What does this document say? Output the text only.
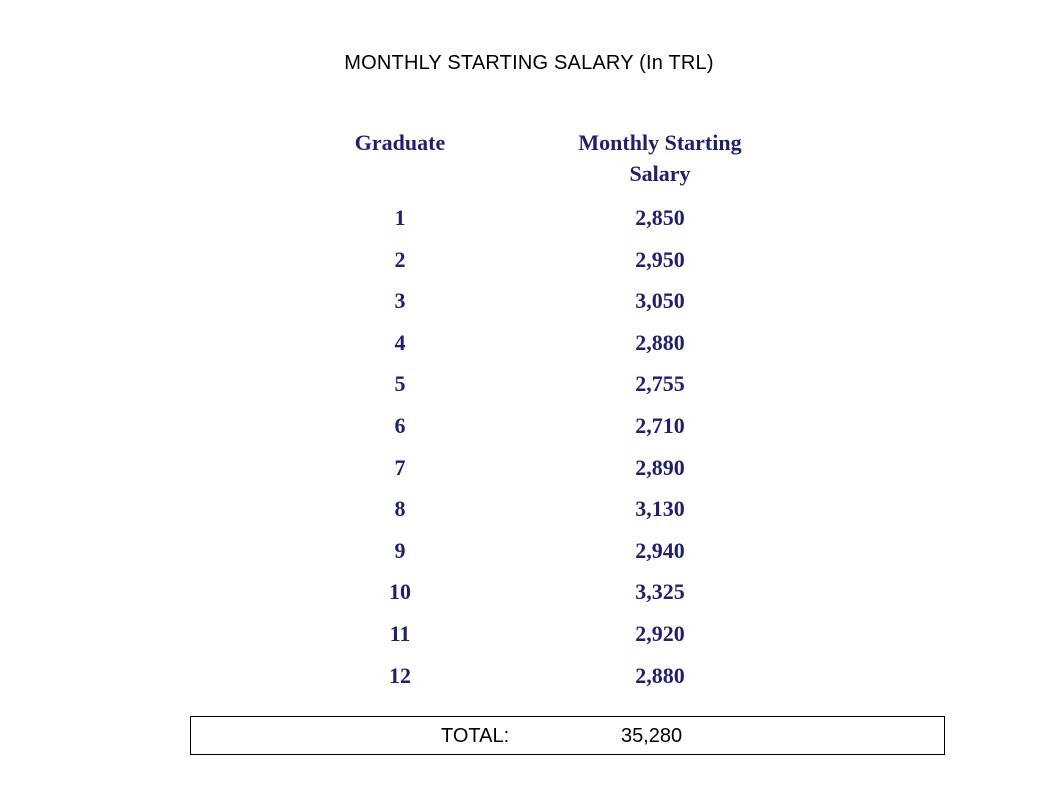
MONTHLY STARTING SALARY (In TRL)
Graduate	Monthly Starting
Salary
1	2,850
2	2,950
3	3,050
4	2,880
5	2,755
6	2,710
7	2,890
8	3,130
9	2,940
10	3,325
11	2,920
12	2,880
TOTAL:	35,280
